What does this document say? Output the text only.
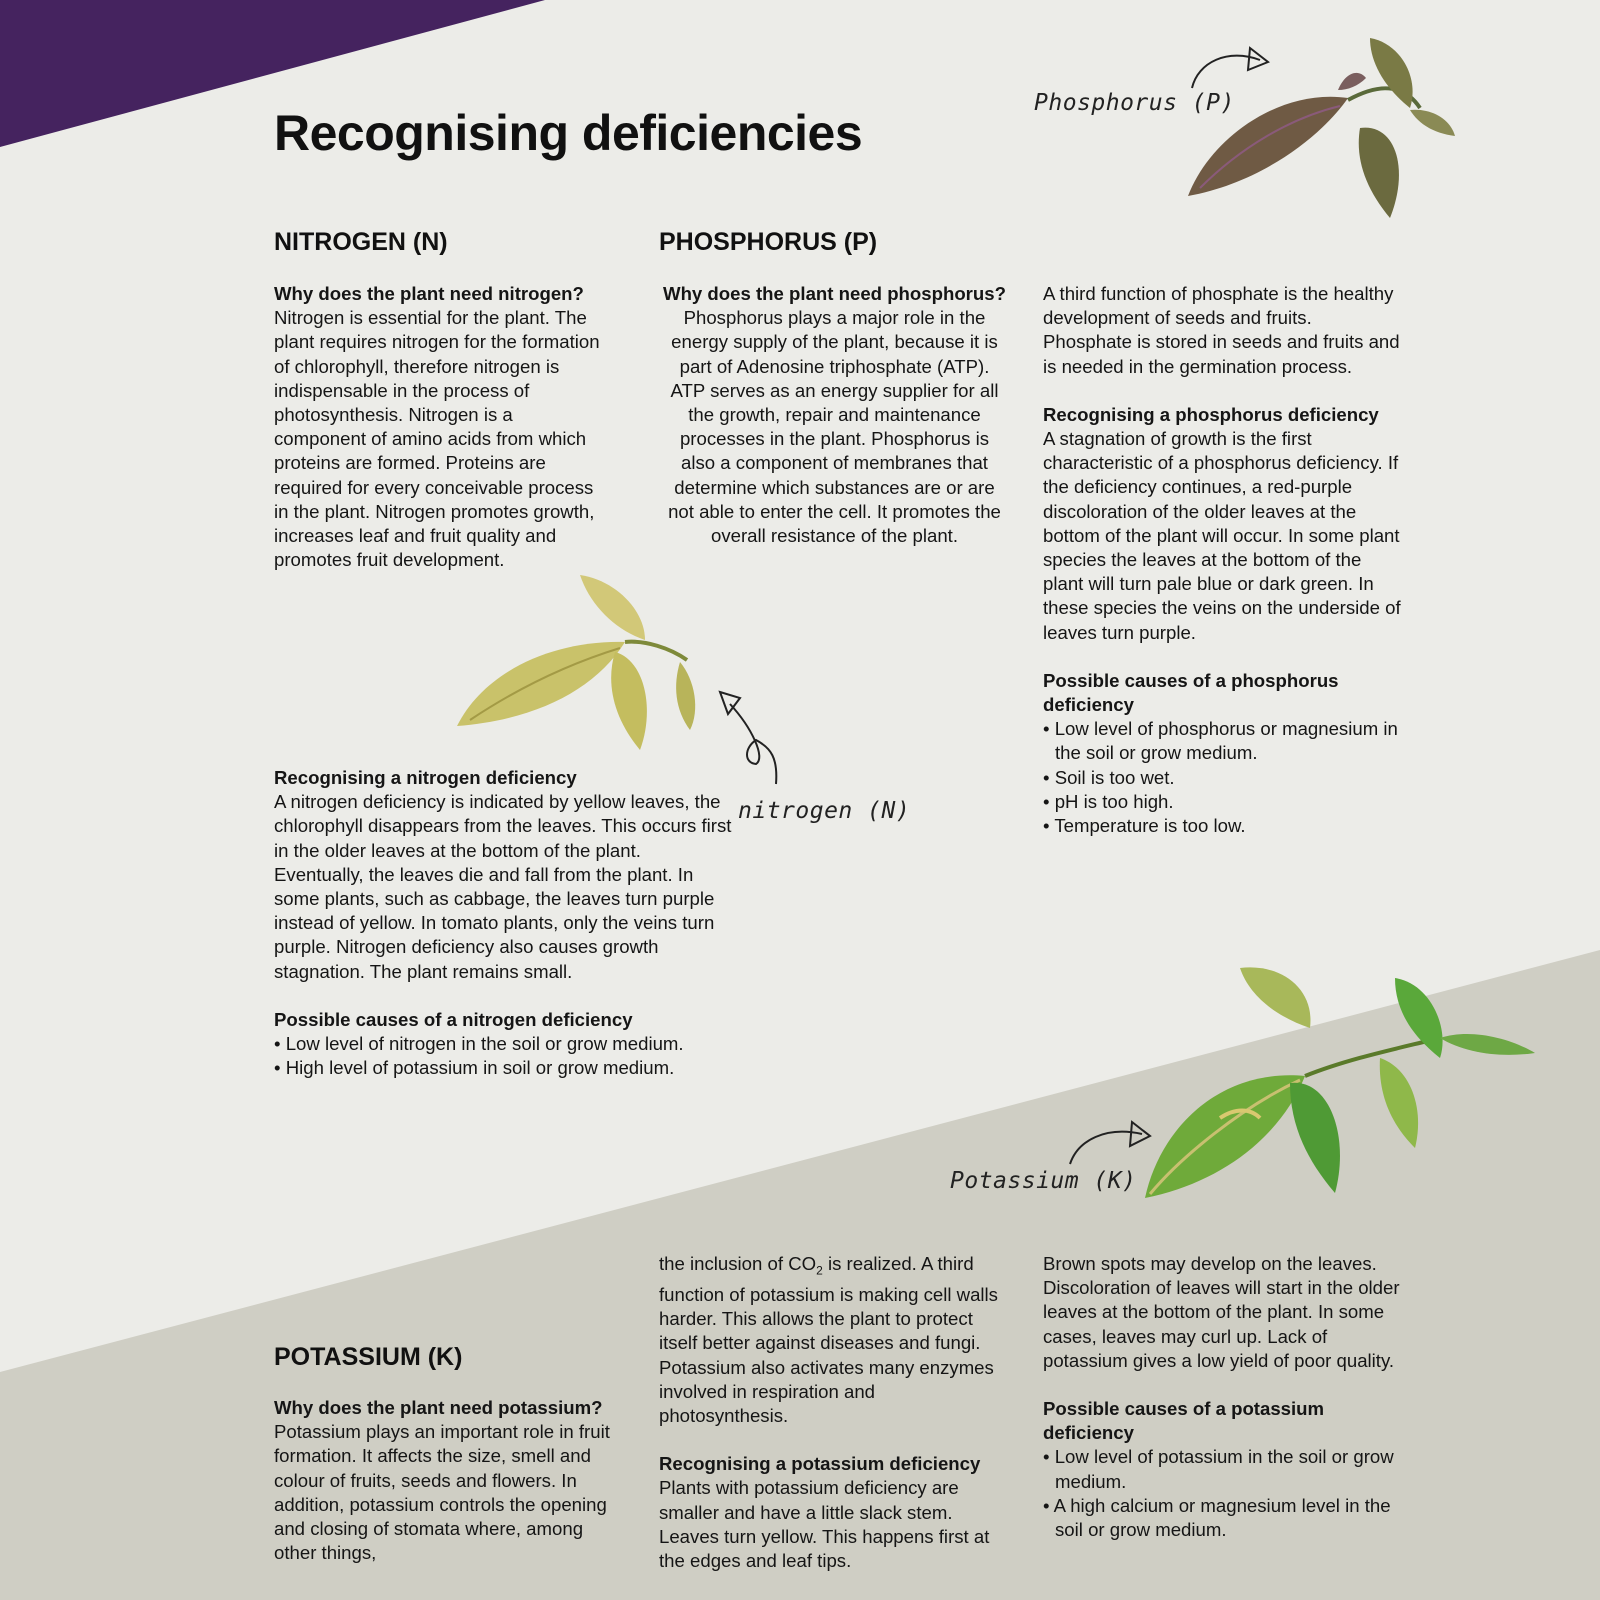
Recognising deficiencies
Phosphorus (P)
NITROGEN (N)

Why does the plant need nitrogen?

Nitrogen is essential for the plant. The plant requires nitrogen for the formation of chlorophyll, therefore nitrogen is indispensable in the process of photosynthesis. Nitrogen is a component of amino acids from which proteins are formed. Proteins are required for every conceivable process in the plant. Nitrogen promotes growth, increases leaf and fruit quality and promotes fruit development.

nitrogen (N)

Recognising a nitrogen deficiency

A nitrogen deficiency is indicated by yellow leaves, the chlorophyll disappears from the leaves. This occurs first in the older leaves at the bottom of the plant. Eventually, the leaves die and fall from the plant. In some plants, such as cabbage, the leaves turn purple instead of yellow. In tomato plants, only the veins turn purple. Nitrogen deficiency also causes growth stagnation. The plant remains small.

Possible causes of a nitrogen deficiency

• Low level of nitrogen in the soil or grow medium.
• High level of potassium in soil or grow medium.
PHOSPHORUS (P)

Why does the plant need phosphorus?

Phosphorus plays a major role in the energy supply of the plant, because it is part of Adenosine triphosphate (ATP). ATP serves as an energy supplier for all the growth, repair and maintenance processes in the plant. Phosphorus is also a component of membranes that determine which substances are or are not able to enter the cell. It promotes the overall resistance of the plant.

A third function of phosphate is the healthy development of seeds and fruits. Phosphate is stored in seeds and fruits and is needed in the germination process.

Recognising a phosphorus deficiency

A stagnation of growth is the first characteristic of a phosphorus deficiency. If the deficiency continues, a red-purple discoloration of the older leaves at the bottom of the plant will occur. In some plant species the leaves at the bottom of the plant will turn pale blue or dark green. In these species the veins on the underside of leaves turn purple.

Possible causes of a phosphorus deficiency

• Low level of phosphorus or magnesium in the soil or grow medium.
• Soil is too wet.
• pH is too high.
• Temperature is too low.
Potassium (K)
POTASSIUM (K)

Why does the plant need potassium?

Potassium plays an important role in fruit formation. It affects the size, smell and colour of fruits, seeds and flowers. In addition, potassium controls the opening and closing of stomata where, among other things,

the inclusion of $CO_2$ is realized. A third function of potassium is making cell walls harder. This allows the plant to protect itself better against diseases and fungi. Potassium also activates many enzymes involved in respiration and photosynthesis.

Recognising a potassium deficiency

Plants with potassium deficiency are smaller and have a little slack stem. Leaves turn yellow. This happens first at the edges and leaf tips.

Brown spots may develop on the leaves. Discoloration of leaves will start in the older leaves at the bottom of the plant. In some cases, leaves may curl up. Lack of potassium gives a low yield of poor quality.

Possible causes of a potassium deficiency

• Low level of potassium in the soil or grow medium.
• A high calcium or magnesium level in the soil or grow medium.
